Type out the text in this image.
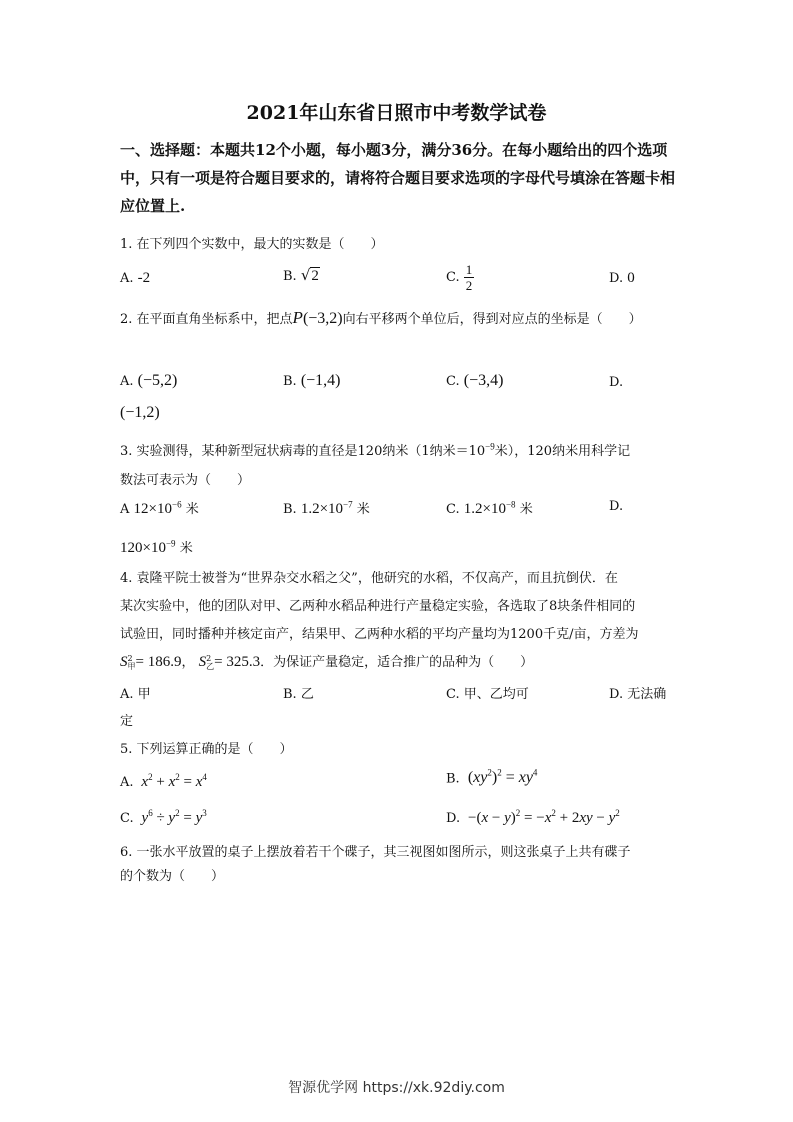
2021年山东省日照市中考数学试卷
一、选择题：本题共12个小题，每小题3分，满分36分。在每小题给出的四个选项中，只有一项是符合题目要求的，请将符合题目要求选项的字母代号填涂在答题卡相应位置上.
1. 在下列四个实数中，最大的实数是（　　）
A. -2	B. √2	C. $\frac{1}{2}$	D. 0
2. 在平面直角坐标系中，把点P(−3,2)向右平移两个单位后，得到对应点的坐标是（　　）
A. (−5,2)	B. (−1,4)	C. (−3,4)	D.
(−1,2)
3. 实验测得，某种新型冠状病毒的直径是120纳米（1纳米$=10^{-9}$米），120纳米用科学记
数法可表示为（　　）
A $12\times 10^{-6}$ 米	B. $1.2\times 10^{-7}$ 米	C. $1.2\times 10^{-8}$ 米	D.
$120\times 10^{-9}$ 米
4. 袁隆平院士被誉为“世界杂交水稻之父”，他研究的水稻，不仅高产，而且抗倒伏．在
某次实验中，他的团队对甲、乙两种水稻品种进行产量稳定实验，各选取了8块条件相同的
试验田，同时播种并核定亩产，结果甲、乙两种水稻的平均产量均为1200千克/亩，方差为
S 2
甲 = 186.9， S 2
乙 = 325.3．为保证产量稳定，适合推广的品种为（　　）
A. 甲	B. 乙	C. 甲、乙均可	D. 无法确
定
5. 下列运算正确的是（　　）
A. $x^2 + x^2 = x^4$	B.  $(xy^2)^2 = xy^4$
C. $y^6 \div y^2 = y^3$	D.  $-(x - y)^2 = -x^2 + 2xy - y^2$
6. 一张水平放置的桌子上摆放着若干个碟子，其三视图如图所示，则这张桌子上共有碟子
的个数为（　　）
智源优学网 https://xk.92diy.com
